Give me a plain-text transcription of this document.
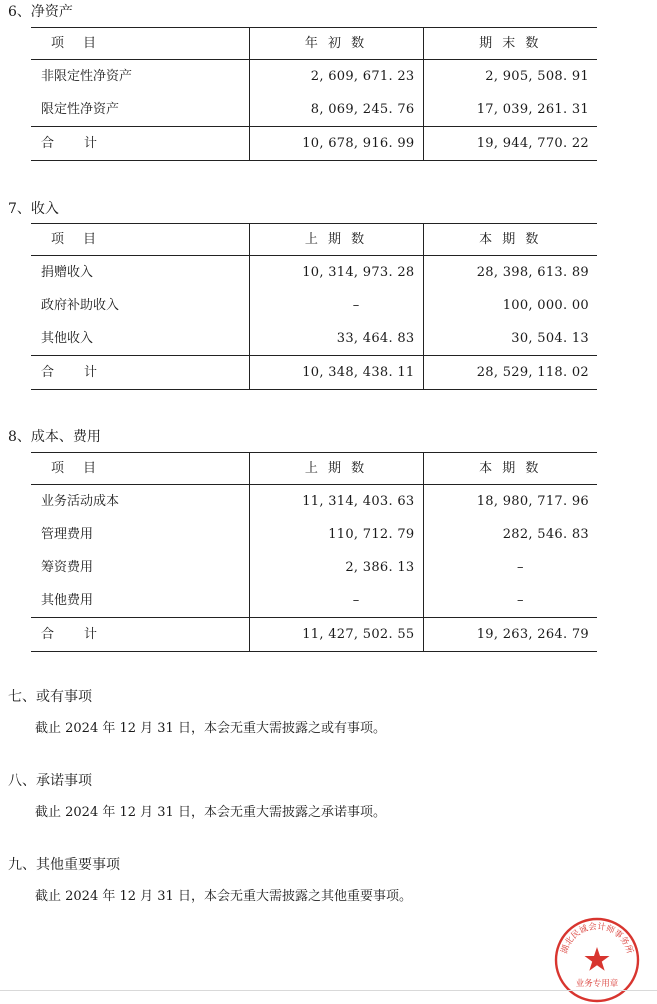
6、净资产
项　目	年 初 数	期 末 数
非限定性净资产	2, 609, 671. 23	2, 905, 508. 91
限定性净资产	8, 069, 245. 76	17, 039, 261. 31
合 计	10, 678, 916. 99	19, 944, 770. 22
7、收入
项　目	上 期 数	本 期 数
捐赠收入	10, 314, 973. 28	28, 398, 613. 89
政府补助收入	–	100, 000. 00
其他收入	33, 464. 83	30, 504. 13
合 计	10, 348, 438. 11	28, 529, 118. 02
8、成本、费用
项　目	上 期 数	本 期 数
业务活动成本	11, 314, 403. 63	18, 980, 717. 96
管理费用	110, 712. 79	282, 546. 83
筹资费用	2, 386. 13	–
其他费用	–	–
合 计	11, 427, 502. 55	19, 263, 264. 79
七、或有事项
截止 2024 年 12 月 31 日，本会无重大需披露之或有事项。
八、承诺事项
截止 2024 年 12 月 31 日，本会无重大需披露之承诺事项。
九、其他重要事项
截止 2024 年 12 月 31 日，本会无重大需披露之其他重要事项。
湖北民诚会计师事务所
业务专用章
